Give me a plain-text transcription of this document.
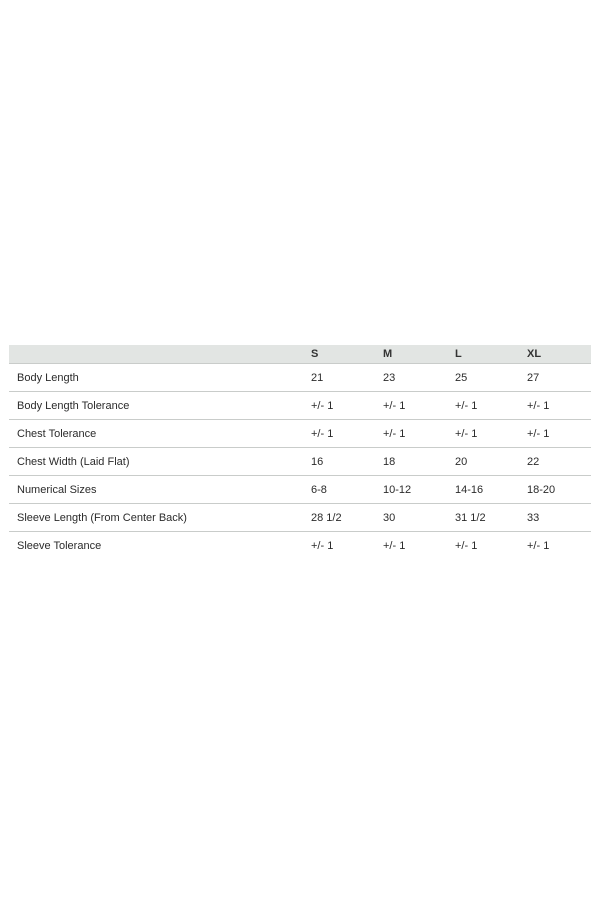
	S	M	L	XL
Body Length	21	23	25	27
Body Length Tolerance	+/- 1	+/- 1	+/- 1	+/- 1
Chest Tolerance	+/- 1	+/- 1	+/- 1	+/- 1
Chest Width (Laid Flat)	16	18	20	22
Numerical Sizes	6-8	10-12	14-16	18-20
Sleeve Length (From Center Back)	28 1/2	30	31 1/2	33
Sleeve Tolerance	+/- 1	+/- 1	+/- 1	+/- 1
